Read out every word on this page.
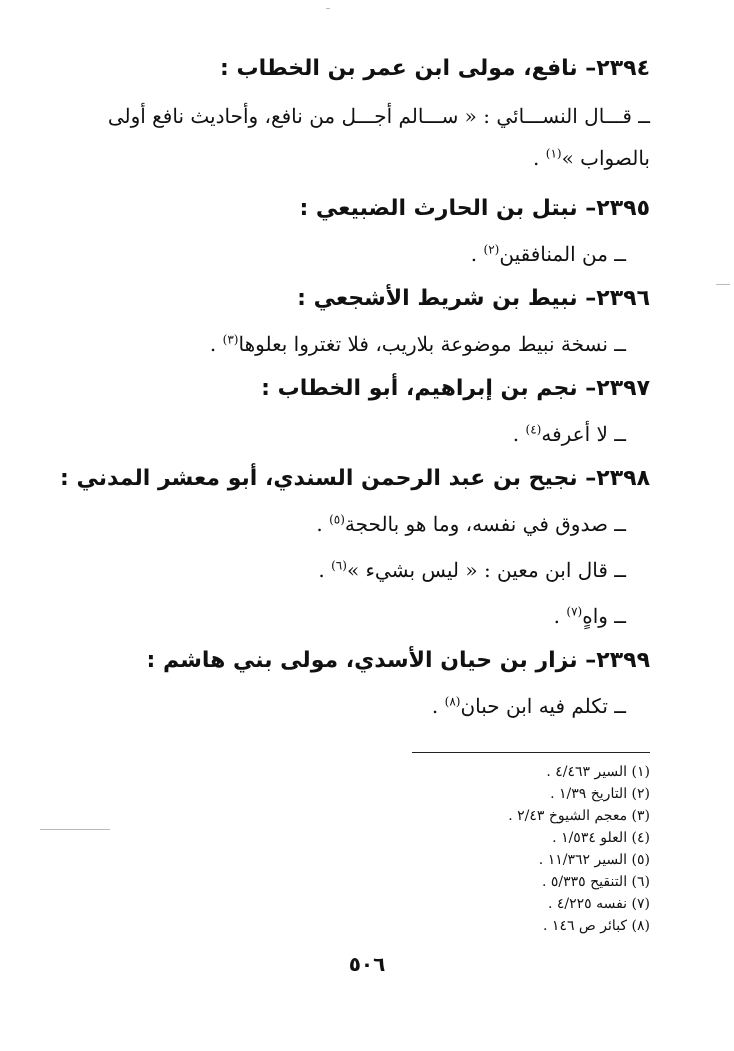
٢٣٩٤– نافع، مولى ابن عمر بن الخطاب :
ــ قـــال النســـائي : « ســـالم أجـــل من نافع، وأحاديث نافع أولى
بالصواب »$^{(١)}$ .
٢٣٩٥– نبتل بن الحارث الضبيعي :
ــ من المنافقين$^{(٢)}$ .
٢٣٩٦– نبيط بن شريط الأشجعي :
ــ نسخة نبيط موضوعة بلاريب، فلا تغتروا بعلوها$^{(٣)}$ .
٢٣٩٧– نجم بن إبراهيم، أبو الخطاب :
ــ لا أعرفه$^{(٤)}$ .
٢٣٩٨– نجيح بن عبد الرحمن السندي، أبو معشر المدني :
ــ صدوق في نفسه، وما هو بالحجة$^{(٥)}$ .
ــ قال ابن معين : « ليس بشيء »$^{(٦)}$ .
ــ واهٍ$^{(٧)}$ .
٢٣٩٩– نزار بن حيان الأسدي، مولى بني هاشم :
ــ تكلم فيه ابن حبان$^{(٨)}$ .
(١) السير ٤/٤٦٣ .
(٢) التاريخ ١/٣٩ .
(٣) معجم الشيوخ ٢/٤٣ .
(٤) العلو ١/٥٣٤ .
(٥) السير ١١/٣٦٢ .
(٦) التنقيح ٥/٣٣٥ .
(٧) نفسه ٤/٢٢٥ .
(٨) كبائر ص ١٤٦ .
٥٠٦
